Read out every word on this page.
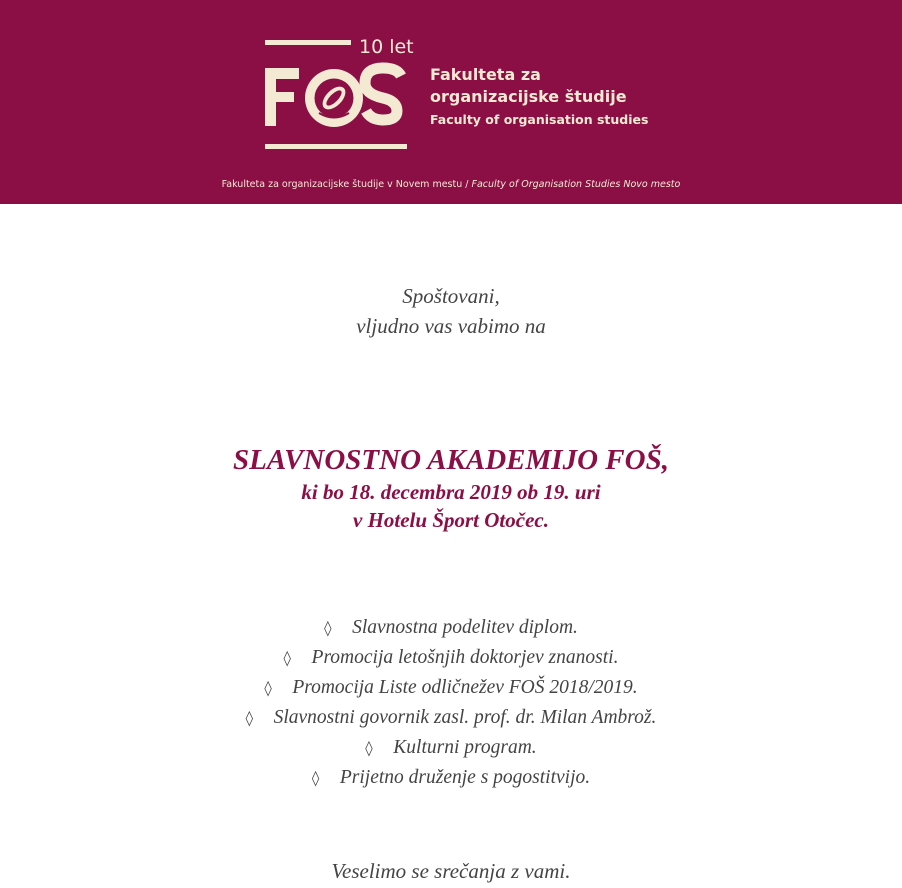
10 let
Fakulteta za
organizacijske študije
Faculty of organisation studies
Fakulteta za organizacijske študije v Novem mestu / Faculty of Organisation Studies Novo mesto
Spoštovani,
vljudno vas vabimo na
SLAVNOSTNO AKADEMIJO FOŠ,
ki bo 18. decembra 2019 ob 19. uri
v Hotelu Šport Otočec.
◊ Slavnostna podelitev diplom.
◊ Promocija letošnjih doktorjev znanosti.
◊ Promocija Liste odličnežev FOŠ 2018/2019.
◊ Slavnostni govornik zasl. prof. dr. Milan Ambrož.
◊ Kulturni program.
◊ Prijetno druženje s pogostitvijo.
Veselimo se srečanja z vami.
